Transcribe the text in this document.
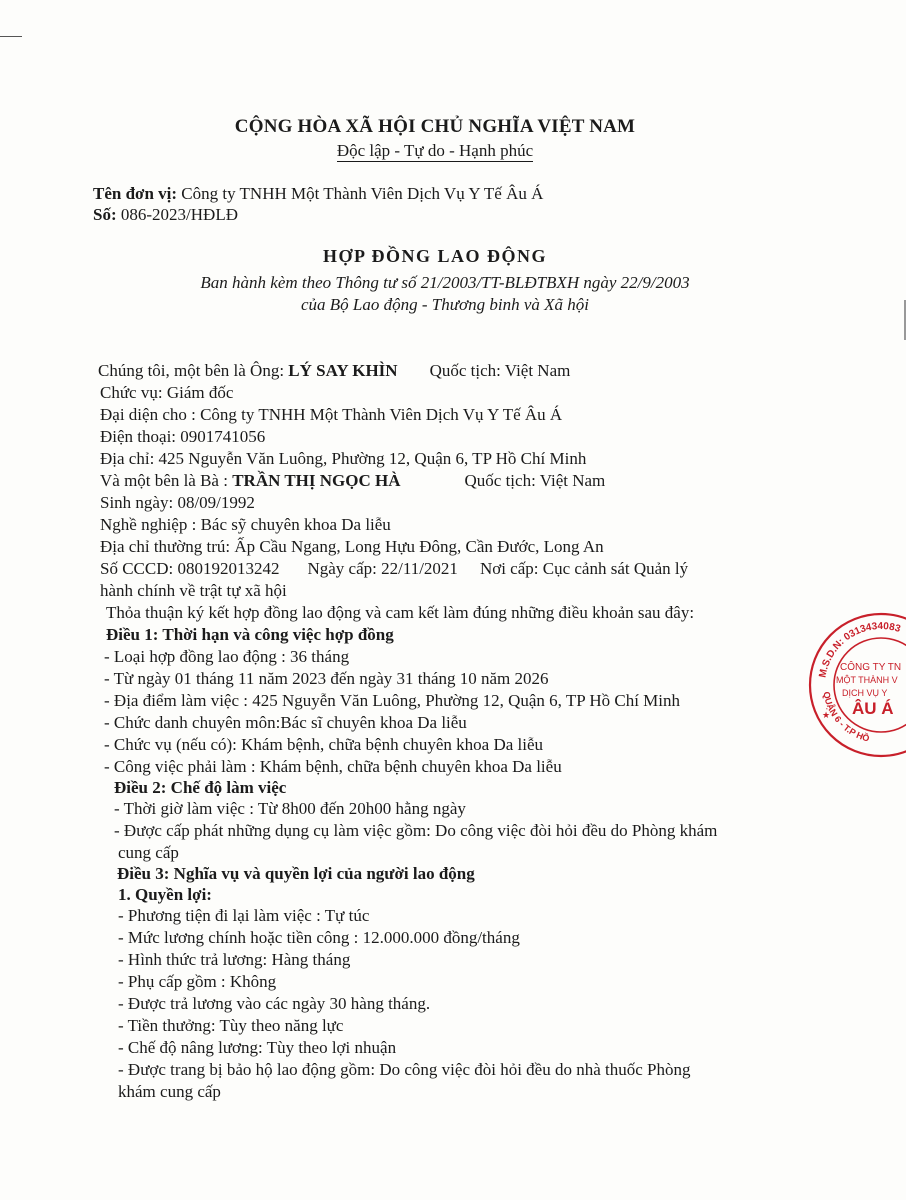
CỘNG HÒA XÃ HỘI CHỦ NGHĨA VIỆT NAM
Độc lập - Tự do - Hạnh phúc
Tên đơn vị: Công ty TNHH Một Thành Viên Dịch Vụ Y Tế Âu Á
Số: 086-2023/HĐLĐ
HỢP ĐỒNG LAO ĐỘNG
Ban hành kèm theo Thông tư số 21/2003/TT-BLĐTBXH ngày 22/9/2003
của Bộ Lao động - Thương binh và Xã hội
Chúng tôi, một bên là Ông: LÝ SAY KHÌN Quốc tịch: Việt Nam
Chức vụ: Giám đốc
Đại diện cho : Công ty TNHH Một Thành Viên Dịch Vụ Y Tế Âu Á
Điện thoại: 0901741056
Địa chỉ: 425 Nguyễn Văn Luông, Phường 12, Quận 6, TP Hồ Chí Minh
Và một bên là Bà : TRẦN THỊ NGỌC HÀ	Quốc tịch: Việt Nam
Sinh ngày: 08/09/1992
Nghề nghiệp : Bác sỹ chuyên khoa Da liễu
Địa chỉ thường trú: Ấp Cầu Ngang, Long Hựu Đông, Cần Đước, Long An
Số CCCD: 080192013242 Ngày cấp: 22/11/2021 Nơi cấp: Cục cảnh sát Quản lý
hành chính về trật tự xã hội
Thỏa thuận ký kết hợp đồng lao động và cam kết làm đúng những điều khoản sau đây:
Điều 1: Thời hạn và công việc hợp đồng
- Loại hợp đồng lao động : 36 tháng
- Từ ngày 01 tháng 11 năm 2023 đến ngày 31 tháng 10 năm 2026
- Địa điểm làm việc : 425 Nguyễn Văn Luông, Phường 12, Quận 6, TP Hồ Chí Minh
- Chức danh chuyên môn:Bác sĩ chuyên khoa Da liễu
- Chức vụ (nếu có): Khám bệnh, chữa bệnh chuyên khoa Da liễu
- Công việc phải làm : Khám bệnh, chữa bệnh chuyên khoa Da liễu
Điều 2: Chế độ làm việc
- Thời giờ làm việc : Từ 8h00 đến 20h00 hằng ngày
- Được cấp phát những dụng cụ làm việc gồm: Do công việc đòi hỏi đều do Phòng khám
cung cấp
Điều 3: Nghĩa vụ và quyền lợi của người lao động
1. Quyền lợi:
- Phương tiện đi lại làm việc : Tự túc
- Mức lương chính hoặc tiền công : 12.000.000 đồng/tháng
- Hình thức trả lương: Hàng tháng
- Phụ cấp gồm : Không
- Được trả lương vào các ngày 30 hàng tháng.
- Tiền thưởng: Tùy theo năng lực
- Chế độ nâng lương: Tùy theo lợi nhuận
- Được trang bị bảo hộ lao động gồm: Do công việc đòi hỏi đều do nhà thuốc Phòng
khám cung cấp
M.S.D.N: 0313434083
QUẬN 6 - T.P HỒ
★
CÔNG TY TN
MỘT THÀNH V
DỊCH VỤ Y
ÂU Á
